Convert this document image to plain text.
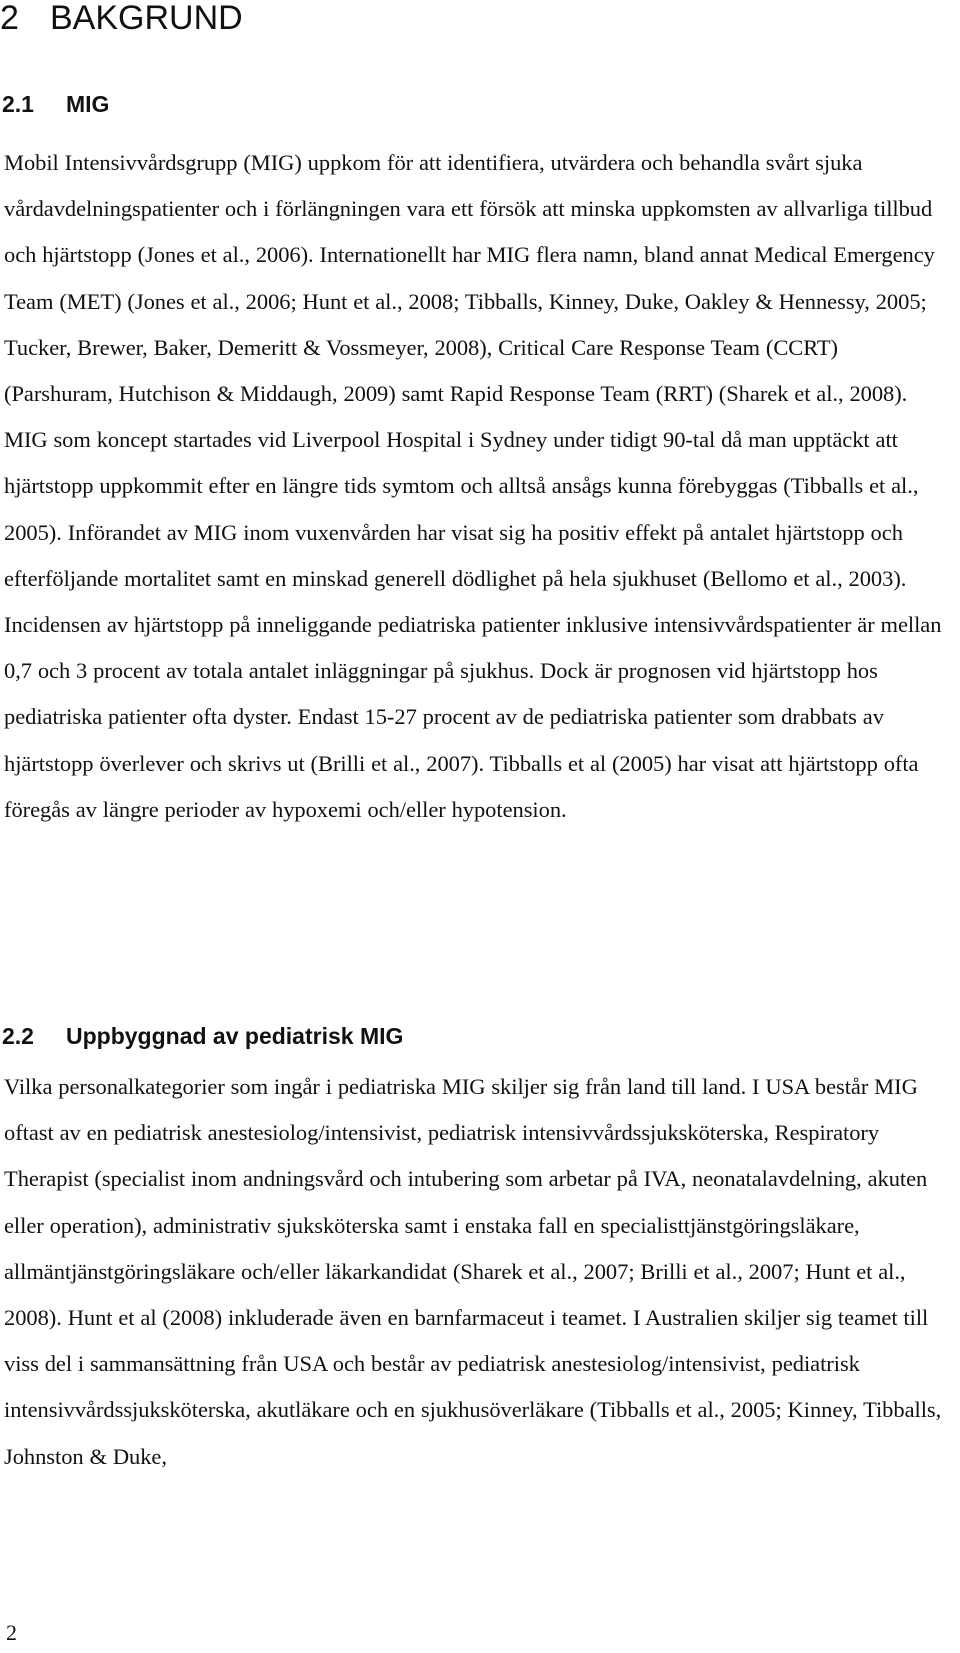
2 BAKGRUND
2.1 MIG

Mobil Intensivvårdsgrupp (MIG) uppkom för att identifiera, utvärdera och behandla svårt sjuka vårdavdelningspatienter och i förlängningen vara ett försök att minska uppkomsten av allvarliga tillbud och hjärtstopp (Jones et al., 2006). Internationellt har MIG flera namn, bland annat Medical Emergency Team (MET) (Jones et al., 2006; Hunt et al., 2008; Tibballs, Kinney, Duke, Oakley & Hennessy, 2005; Tucker, Brewer, Baker, Demeritt & Vossmeyer, 2008), Critical Care Response Team (CCRT) (Parshuram, Hutchison & Middaugh, 2009) samt Rapid Response Team (RRT) (Sharek et al., 2008). MIG som koncept startades vid Liverpool Hospital i Sydney under tidigt 90-tal då man upptäckt att hjärtstopp uppkommit efter en längre tids symtom och alltså ansågs kunna förebyggas (Tibballs et al., 2005). Införandet av MIG inom vuxenvården har visat sig ha positiv effekt på antalet hjärtstopp och efterföljande mortalitet samt en minskad generell dödlighet på hela sjukhuset (Bellomo et al., 2003). Incidensen av hjärtstopp på inneliggande pediatriska patienter inklusive intensivvårdspatienter är mellan 0,7 och 3 procent av totala antalet inläggningar på sjukhus. Dock är prognosen vid hjärtstopp hos pediatriska patienter ofta dyster. Endast 15-27 procent av de pediatriska patienter som drabbats av hjärtstopp överlever och skrivs ut (Brilli et al., 2007). Tibballs et al (2005) har visat att hjärtstopp ofta föregås av längre perioder av hypoxemi och/eller hypotension.

2.2 Uppbyggnad av pediatrisk MIG

Vilka personalkategorier som ingår i pediatriska MIG skiljer sig från land till land. I USA består MIG oftast av en pediatrisk anestesiolog/intensivist, pediatrisk intensivvårdssjuksköterska, Respiratory Therapist (specialist inom andningsvård och intubering som arbetar på IVA, neonatalavdelning, akuten eller operation), administrativ sjuksköterska samt i enstaka fall en specialisttjänstgöringsläkare, allmäntjänstgöringsläkare och/eller läkarkandidat (Sharek et al., 2007; Brilli et al., 2007; Hunt et al., 2008). Hunt et al (2008) inkluderade även en barnfarmaceut i teamet. I Australien skiljer sig teamet till viss del i sammansättning från USA och består av pediatrisk anestesiolog/intensivist, pediatrisk intensivvårdssjuksköterska, akutläkare och en sjukhusöverläkare (Tibballs et al., 2005; Kinney, Tibballs, Johnston & Duke,

2
